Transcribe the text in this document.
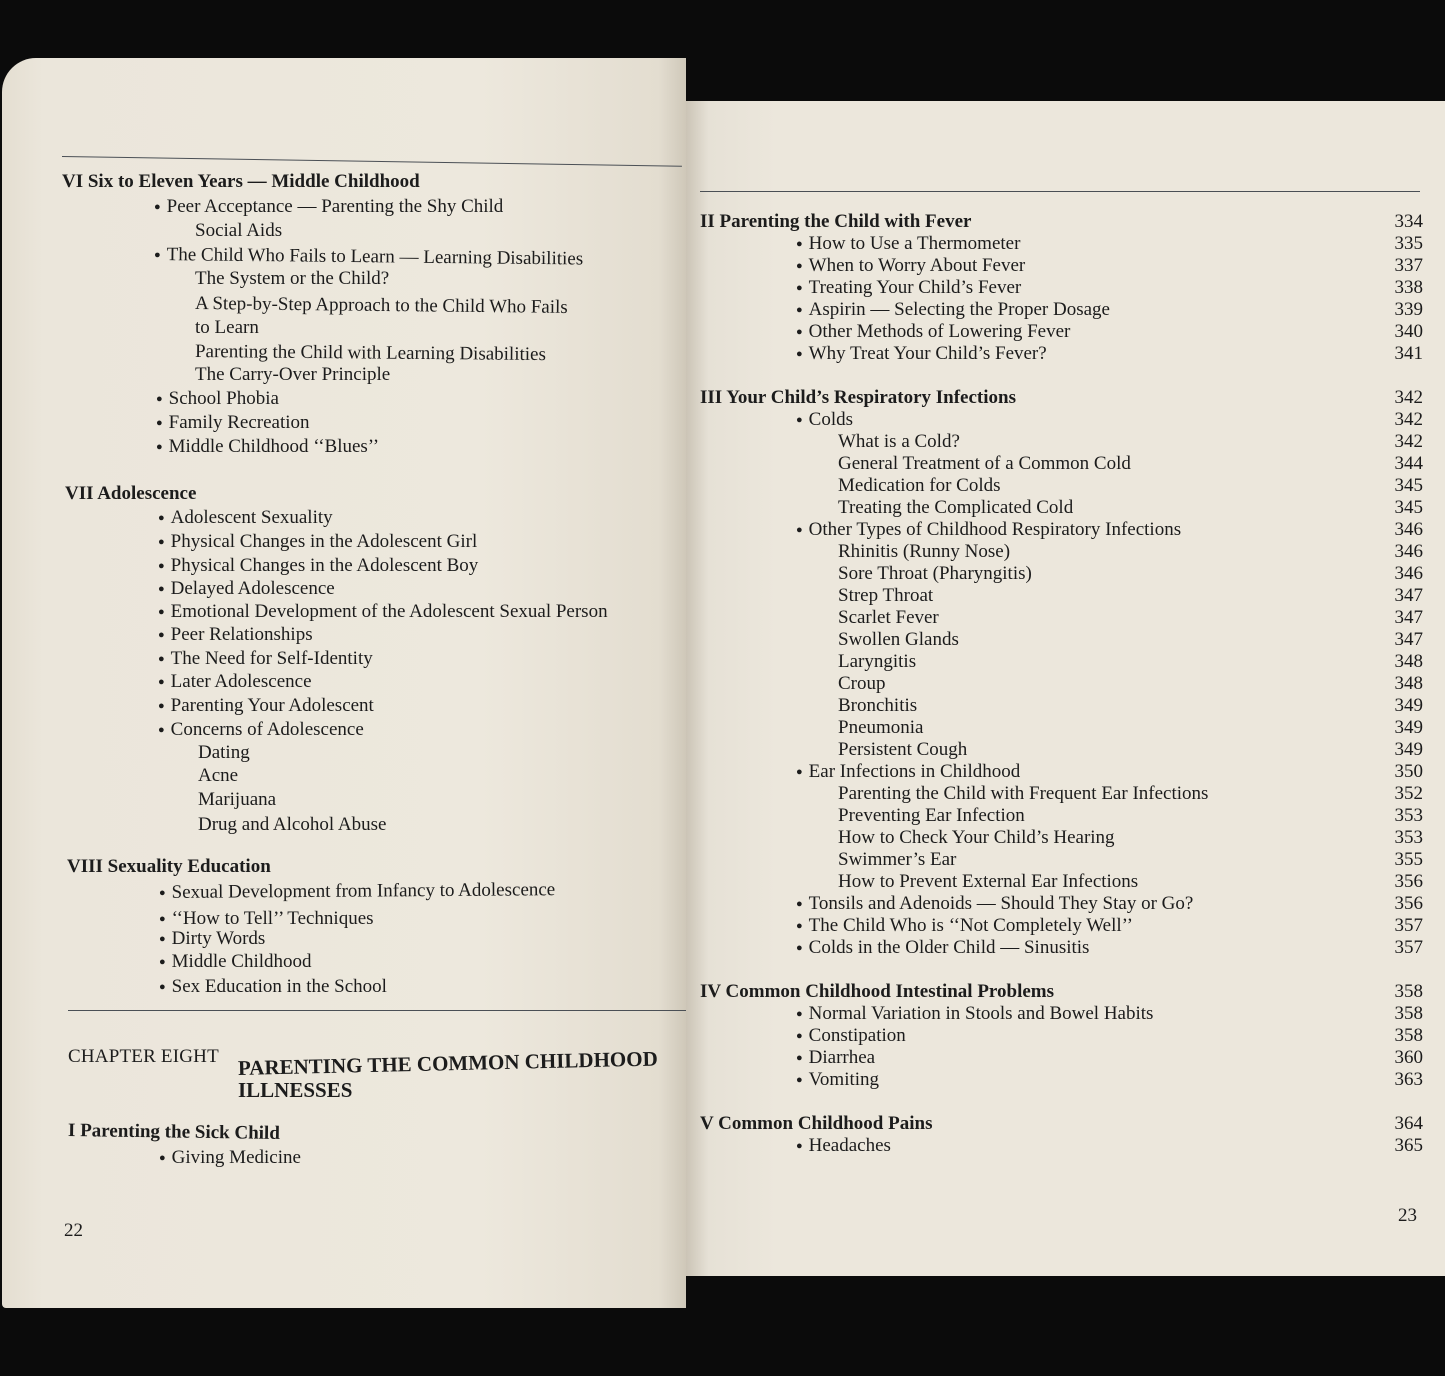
VI Six to Eleven Years — Middle Childhood
● Peer Acceptance — Parenting the Shy Child
Social Aids
● The Child Who Fails to Learn — Learning Disabilities
The System or the Child?
A Step-by-Step Approach to the Child Who Fails
to Learn
Parenting the Child with Learning Disabilities
The Carry-Over Principle
● School Phobia
● Family Recreation
● Middle Childhood ‘‘Blues’’
VII Adolescence
● Adolescent Sexuality
● Physical Changes in the Adolescent Girl
● Physical Changes in the Adolescent Boy
● Delayed Adolescence
● Emotional Development of the Adolescent Sexual Person
● Peer Relationships
● The Need for Self-Identity
● Later Adolescence
● Parenting Your Adolescent
● Concerns of Adolescence
Dating
Acne
Marijuana
Drug and Alcohol Abuse
VIII Sexuality Education
● Sexual Development from Infancy to Adolescence
● ‘‘How to Tell’’ Techniques
● Dirty Words
● Middle Childhood
● Sex Education in the School
CHAPTER EIGHT PARENTING THE COMMON CHILDHOOD
ILLNESSES
I Parenting the Sick Child
● Giving Medicine
22
II Parenting the Child with Fever	334
● How to Use a Thermometer	335
● When to Worry About Fever	337
● Treating Your Child’s Fever	338
● Aspirin — Selecting the Proper Dosage	339
● Other Methods of Lowering Fever	340
● Why Treat Your Child’s Fever?	341
III Your Child’s Respiratory Infections	342
● Colds	342
What is a Cold?	342
General Treatment of a Common Cold	344
Medication for Colds	345
Treating the Complicated Cold	345
● Other Types of Childhood Respiratory Infections	346
Rhinitis (Runny Nose)	346
Sore Throat (Pharyngitis)	346
Strep Throat	347
Scarlet Fever	347
Swollen Glands	347
Laryngitis	348
Croup	348
Bronchitis	349
Pneumonia	349
Persistent Cough	349
● Ear Infections in Childhood	350
Parenting the Child with Frequent Ear Infections	352
Preventing Ear Infection	353
How to Check Your Child’s Hearing	353
Swimmer’s Ear	355
How to Prevent External Ear Infections	356
● Tonsils and Adenoids — Should They Stay or Go?	356
● The Child Who is ‘‘Not Completely Well’’	357
● Colds in the Older Child — Sinusitis	357
IV Common Childhood Intestinal Problems	358
● Normal Variation in Stools and Bowel Habits	358
● Constipation	358
● Diarrhea	360
● Vomiting	363
V Common Childhood Pains	364
● Headaches	365
23
